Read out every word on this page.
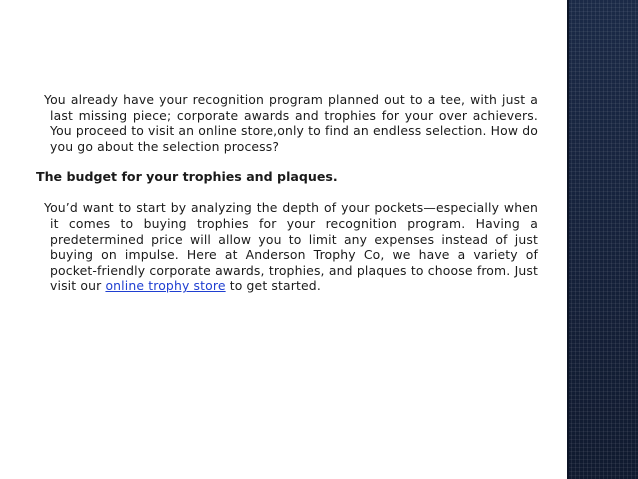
You already have your recognition program planned out to a tee, with just a last missing piece; corporate awards and trophies for your over achievers. You proceed to visit an online store,only to find an endless selection. How do you go about the selection process?

The budget for your trophies and plaques.

You’d want to start by analyzing the depth of your pockets—especially when it comes to buying trophies for your recognition program. Having a predetermined price will allow you to limit any expenses instead of just buying on impulse. Here at Anderson Trophy Co, we have a variety of pocket-friendly corporate awards, trophies, and plaques to choose from. Just visit our online trophy store to get started.
